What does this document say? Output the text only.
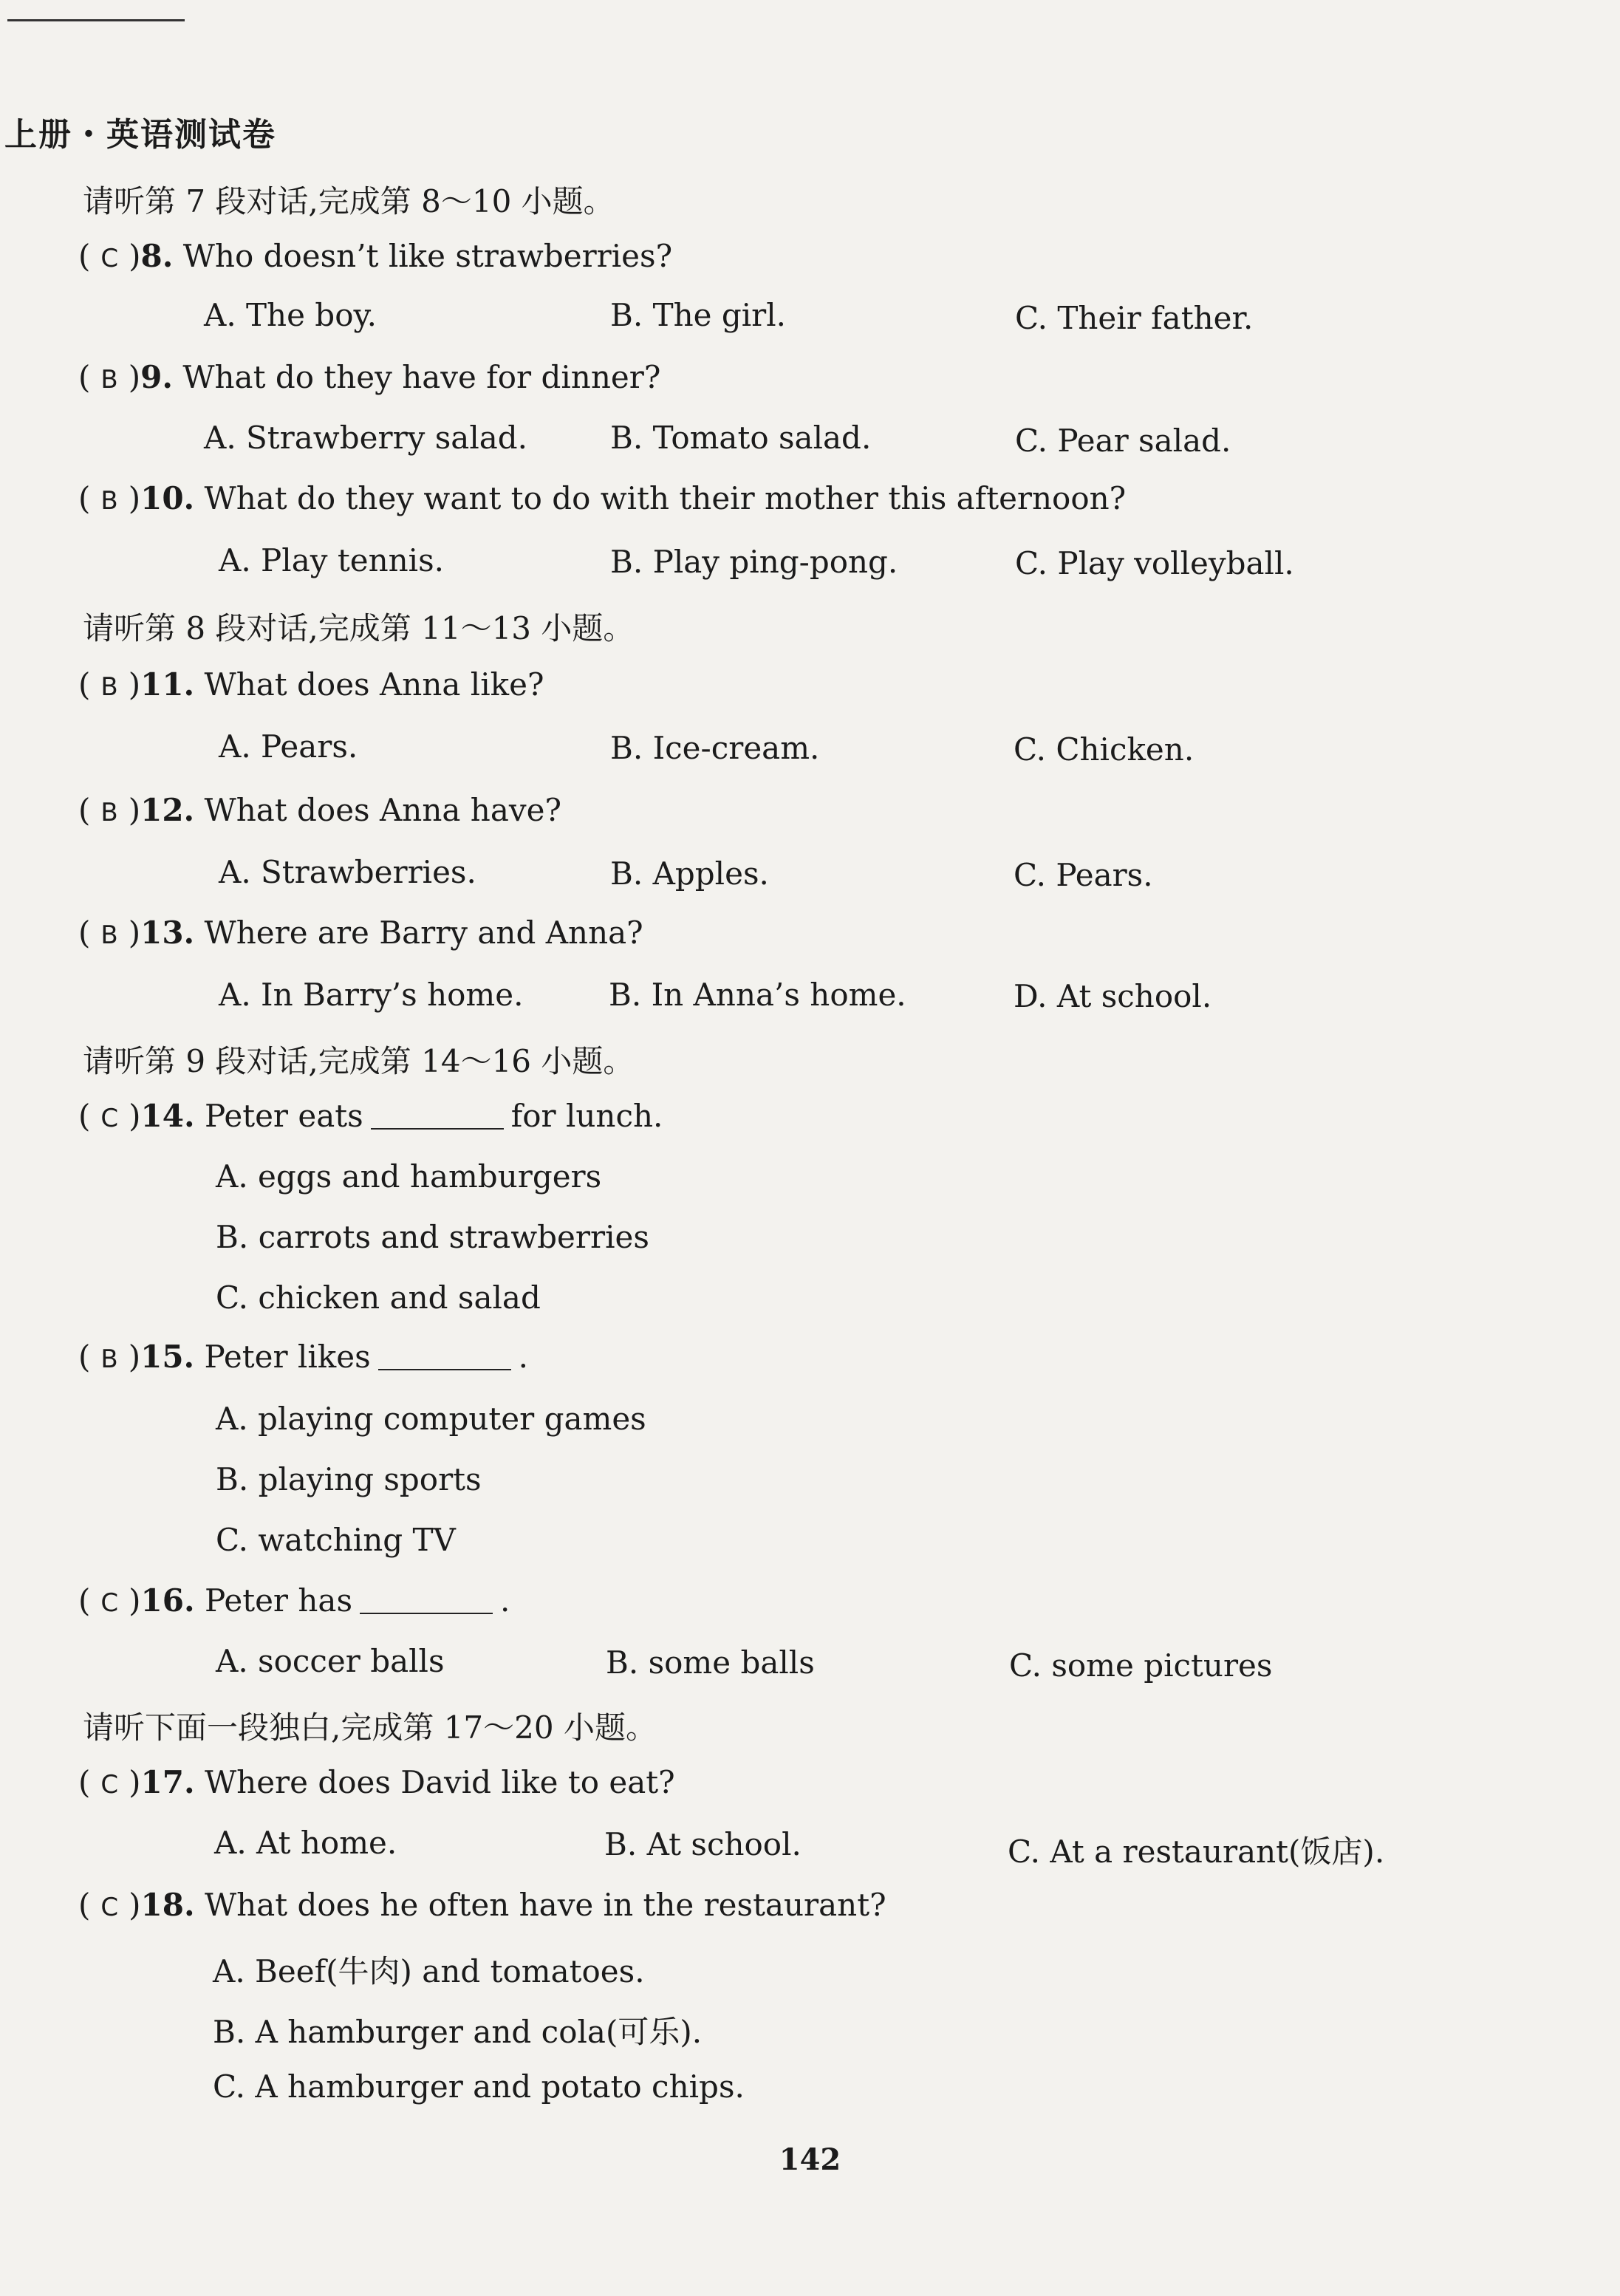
上册・英语测试卷
请听第 7 段对话,完成第 8～10 小题。
( C )8. Who doesn’t like strawberries?
A. The boy.	B. The girl.	C. Their father.
( B )9. What do they have for dinner?
A. Strawberry salad.	B. Tomato salad.	C. Pear salad.
( B )10. What do they want to do with their mother this afternoon?
A. Play tennis.	B. Play ping-pong.	C. Play volleyball.
请听第 8 段对话,完成第 11～13 小题。
( B )11. What does Anna like?
A. Pears.	B. Ice-cream.	C. Chicken.
( B )12. What does Anna have?
A. Strawberries.	B. Apples.	C. Pears.
( B )13. Where are Barry and Anna?
A. In Barry’s home.	B. In Anna’s home.	D. At school.
请听第 9 段对话,完成第 14～16 小题。
( C )14. Peter eats	for lunch.
A. eggs and hamburgers
B. carrots and strawberries
C. chicken and salad
( B )15. Peter likes	.
A. playing computer games
B. playing sports
C. watching TV
( C )16. Peter has	.
A. soccer balls	B. some balls	C. some pictures
请听下面一段独白,完成第 17～20 小题。
( C )17. Where does David like to eat?
A. At home.	B. At school.	C. At a restaurant(饭店).
( C )18. What does he often have in the restaurant?
A. Beef(牛肉) and tomatoes.
B. A hamburger and cola(可乐).
C. A hamburger and potato chips.
142
